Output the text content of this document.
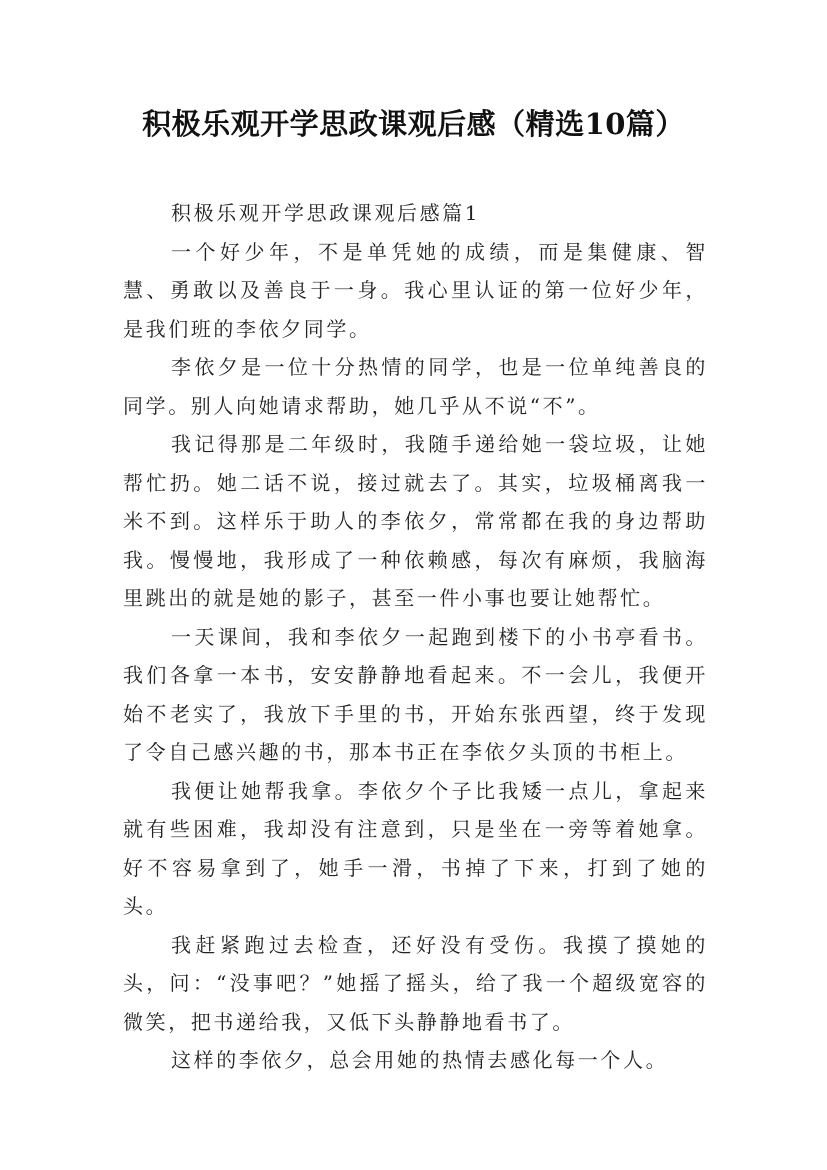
积极乐观开学思政课观后感（精选10篇）

积极乐观开学思政课观后感篇1

一个好少年，不是单凭她的成绩，而是集健康、智慧、勇敢以及善良于一身。我心里认证的第一位好少年，是我们班的李依夕同学。

李依夕是一位十分热情的同学，也是一位单纯善良的同学。别人向她请求帮助，她几乎从不说“不”。

我记得那是二年级时，我随手递给她一袋垃圾，让她帮忙扔。她二话不说，接过就去了。其实，垃圾桶离我一米不到。这样乐于助人的李依夕，常常都在我的身边帮助我。慢慢地，我形成了一种依赖感，每次有麻烦，我脑海里跳出的就是她的影子，甚至一件小事也要让她帮忙。

一天课间，我和李依夕一起跑到楼下的小书亭看书。我们各拿一本书，安安静静地看起来。不一会儿，我便开始不老实了，我放下手里的书，开始东张西望，终于发现了令自己感兴趣的书，那本书正在李依夕头顶的书柜上。

我便让她帮我拿。李依夕个子比我矮一点儿，拿起来就有些困难，我却没有注意到，只是坐在一旁等着她拿。好不容易拿到了，她手一滑，书掉了下来，打到了她的头。

我赶紧跑过去检查，还好没有受伤。我摸了摸她的头，问：“没事吧？”她摇了摇头，给了我一个超级宽容的微笑，把书递给我，又低下头静静地看书了。

这样的李依夕，总会用她的热情去感化每一个人。
